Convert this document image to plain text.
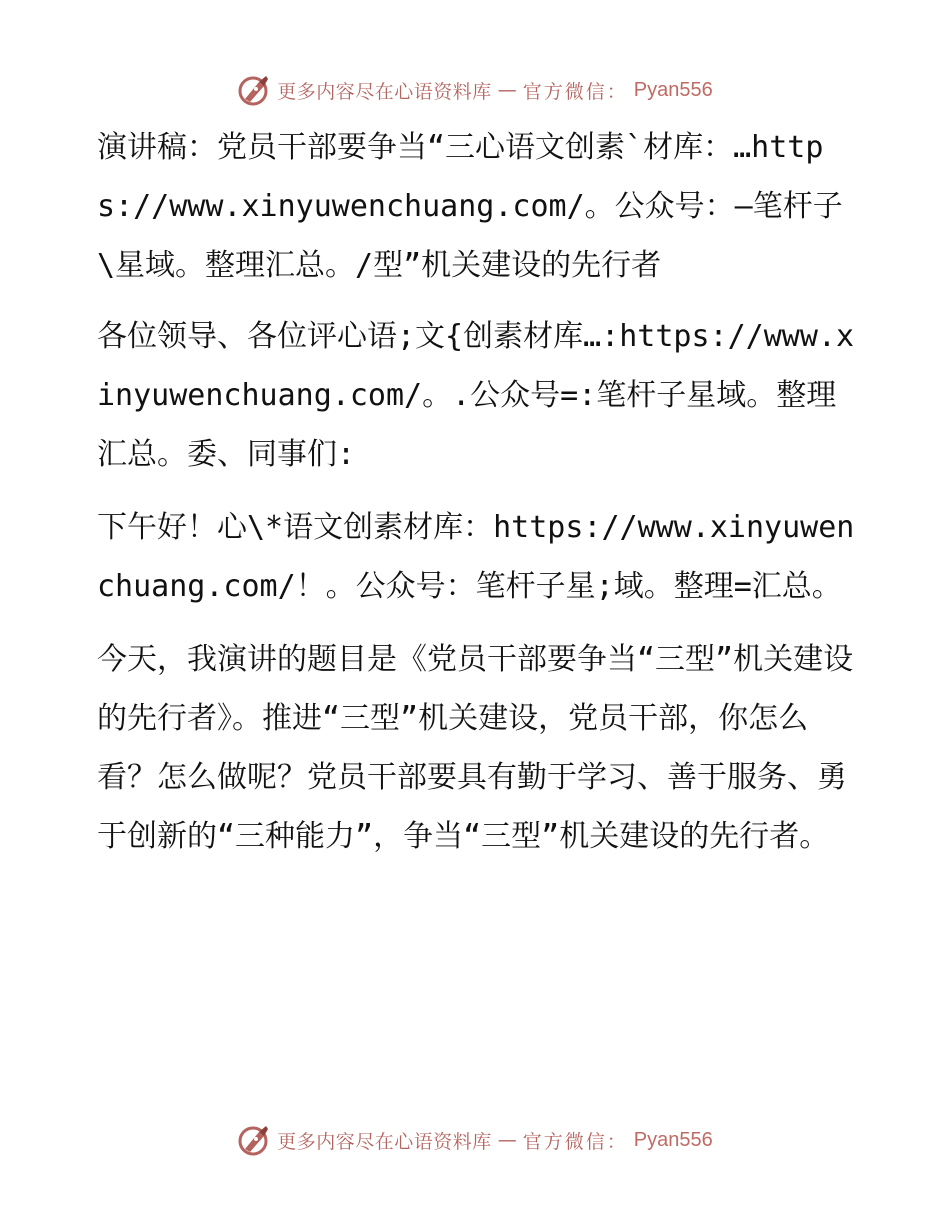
更多内容尽在心语资料库 — 官方微信： Pyan556

演讲稿：党员干部要争当“三心语文创素`材库：…https://www.xinyuwenchuang.com/。公众号：—笔杆子\星域。整理汇总。/型”机关建设的先行者

各位领导、各位评心语;文{创素材库…:https://www.xinyuwenchuang.com/。.公众号=:笔杆子星域。整理汇总。委、同事们:

下午好！心\*语文创素材库：https://www.xinyuwenchuang.com/！。公众号：笔杆子星;域。整理=汇总。

今天，我演讲的题目是《党员干部要争当“三型”机关建设的先行者》。推进“三型”机关建设，党员干部，你怎么看？怎么做呢？党员干部要具有勤于学习、善于服务、勇于创新的“三种能力”，争当“三型”机关建设的先行者。

更多内容尽在心语资料库 — 官方微信： Pyan556
